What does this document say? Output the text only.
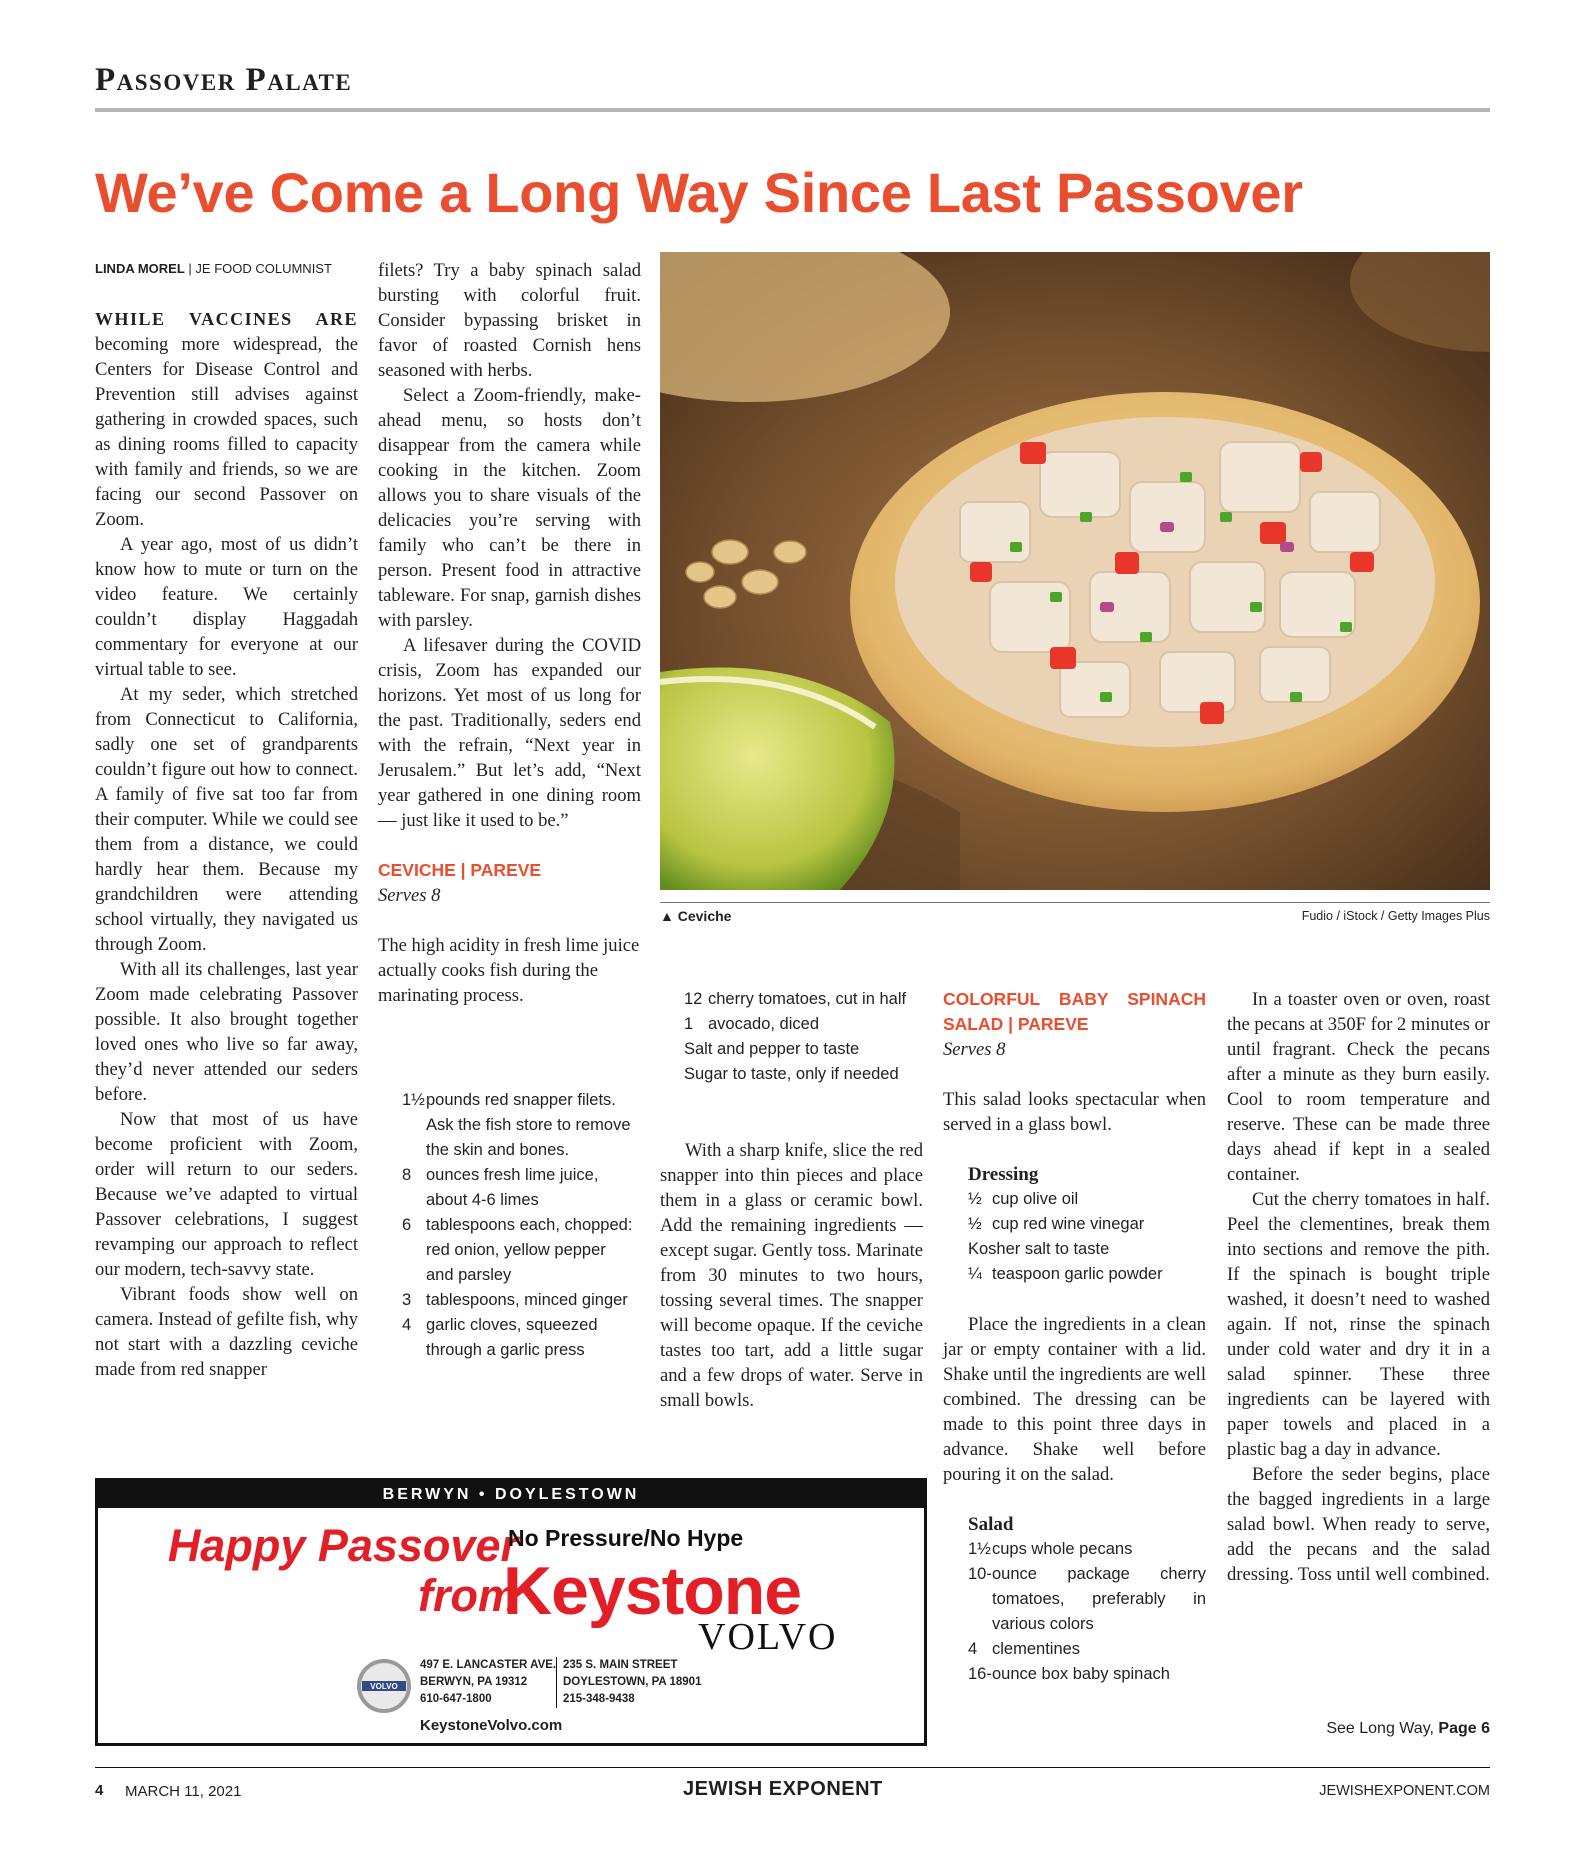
Passover Palate
We’ve Come a Long Way Since Last Passover
LINDA MOREL | JE FOOD COLUMNIST

WHILE VACCINES ARE becoming more widespread, the Centers for Disease Control and Prevention still advises against gathering in crowded spaces, such as dining rooms filled to capacity with family and friends, so we are facing our second Passover on Zoom.

A year ago, most of us didn’t know how to mute or turn on the video feature. We certainly couldn’t display Haggadah commentary for everyone at our virtual table to see.

At my seder, which stretched from Connecticut to California, sadly one set of grandparents couldn’t figure out how to connect. A family of five sat too far from their computer. While we could see them from a distance, we could hardly hear them. Because my grandchildren were attending school virtually, they navigated us through Zoom.

With all its challenges, last year Zoom made celebrating Passover possible. It also brought together loved ones who live so far away, they’d never attended our seders before.

Now that most of us have become proficient with Zoom, order will return to our seders. Because we’ve adapted to virtual Passover celebrations, I suggest revamping our approach to reflect our modern, tech-savvy state.

Vibrant foods show well on camera. Instead of gefilte fish, why not start with a dazzling ceviche made from red snapper

filets? Try a baby spinach salad bursting with colorful fruit. Consider bypassing brisket in favor of roasted Cornish hens seasoned with herbs.

Select a Zoom-friendly, make-ahead menu, so hosts don’t disappear from the camera while cooking in the kitchen. Zoom allows you to share visuals of the delicacies you’re serving with family who can’t be there in person. Present food in attractive tableware. For snap, garnish dishes with parsley.

A lifesaver during the COVID crisis, Zoom has expanded our horizons. Yet most of us long for the past. Traditionally, seders end with the refrain, “Next year in Jerusalem.” But let’s add, “Next year gathered in one dining room — just like it used to be.”

CEVICHE | PAREVE
Serves 8

The high acidity in fresh lime juice actually cooks fish during the marinating process.

1½ pounds red snapper filets. Ask the fish store to remove the skin and bones.
8 ounces fresh lime juice, about 4-6 limes
6 tablespoons each, chopped: red onion, yellow pepper and parsley
3 tablespoons, minced ginger
4 garlic cloves, squeezed through a garlic press
▲ Ceviche	Fudio / iStock / Getty Images Plus
12 cherry tomatoes, cut in half
1 avocado, diced
Salt and pepper to taste
Sugar to taste, only if needed

With a sharp knife, slice the red snapper into thin pieces and place them in a glass or ceramic bowl. Add the remaining ingredients — except sugar. Gently toss. Marinate from 30 minutes to two hours, tossing several times. The snapper will become opaque. If the ceviche tastes too tart, add a little sugar and a few drops of water. Serve in small bowls.

COLORFUL BABY SPINACH SALAD | PAREVE
Serves 8

This salad looks spectacular when served in a glass bowl.

Dressing
½ cup olive oil
½ cup red wine vinegar
Kosher salt to taste
¼ teaspoon garlic powder

Place the ingredients in a clean jar or empty container with a lid. Shake until the ingredients are well combined. The dressing can be made to this point three days in advance. Shake well before pouring it on the salad.

Salad
1½ cups whole pecans
10- ounce package cherry tomatoes, preferably in various colors
4 clementines
16- ounce box baby spinach

In a toaster oven or oven, roast the pecans at 350F for 2 minutes or until fragrant. Check the pecans after a minute as they burn easily. Cool to room temperature and reserve. These can be made three days ahead if kept in a sealed container.

Cut the cherry tomatoes in half. Peel the clementines, break them into sections and remove the pith. If the spinach is bought triple washed, it doesn’t need to washed again. If not, rinse the spinach under cold water and dry it in a salad spinner. These three ingredients can be layered with paper towels and placed in a plastic bag a day in advance.

Before the seder begins, place the bagged ingredients in a large salad bowl. When ready to serve, add the pecans and the salad dressing. Toss until well combined.

See Long Way, Page 6
BERWYN • DOYLESTOWN
Happy Passover
from
No Pressure/No Hype
Keystone
VOLVO
VOLVO
497 E. LANCASTER AVE.
BERWYN, PA 19312
610-647-1800
235 S. MAIN STREET
DOYLESTOWN, PA 18901
215-348-9438
KeystoneVolvo.com
4 MARCH 11, 2021	JEWISH EXPONENT	JEWISHEXPONENT.COM
